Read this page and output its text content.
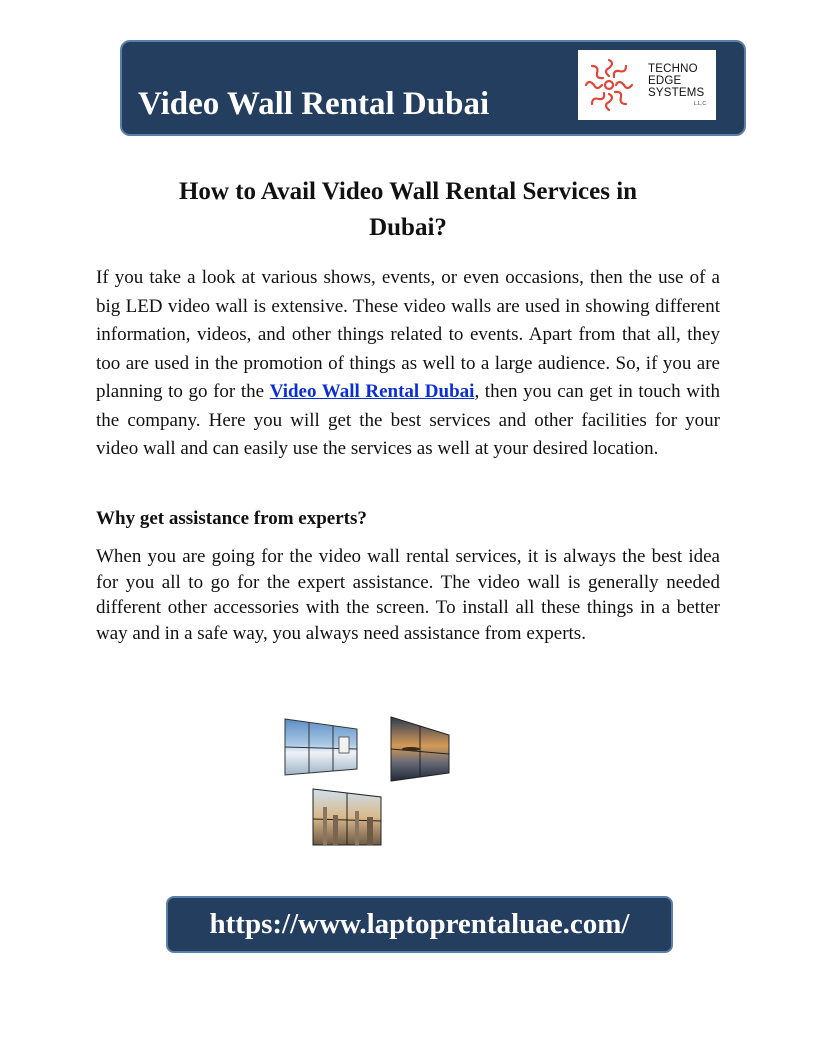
Video Wall Rental Dubai
TECHNO
EDGE
SYSTEMS
L.L.C
How to Avail Video Wall Rental Services in
Dubai?

If you take a look at various shows, events, or even occasions, then the use of a big LED video wall is extensive. These video walls are used in showing different information, videos, and other things related to events. Apart from that all, they too are used in the promotion of things as well to a large audience. So, if you are planning to go for the Video Wall Rental Dubai, then you can get in touch with the company. Here you will get the best services and other facilities for your video wall and can easily use the services as well at your desired location.

Why get assistance from experts?

When you are going for the video wall rental services, it is always the best idea for you all to go for the expert assistance. The video wall is generally needed different other accessories with the screen. To install all these things in a better way and in a safe way, you always need assistance from experts.

https://www.laptoprentaluae.com/
